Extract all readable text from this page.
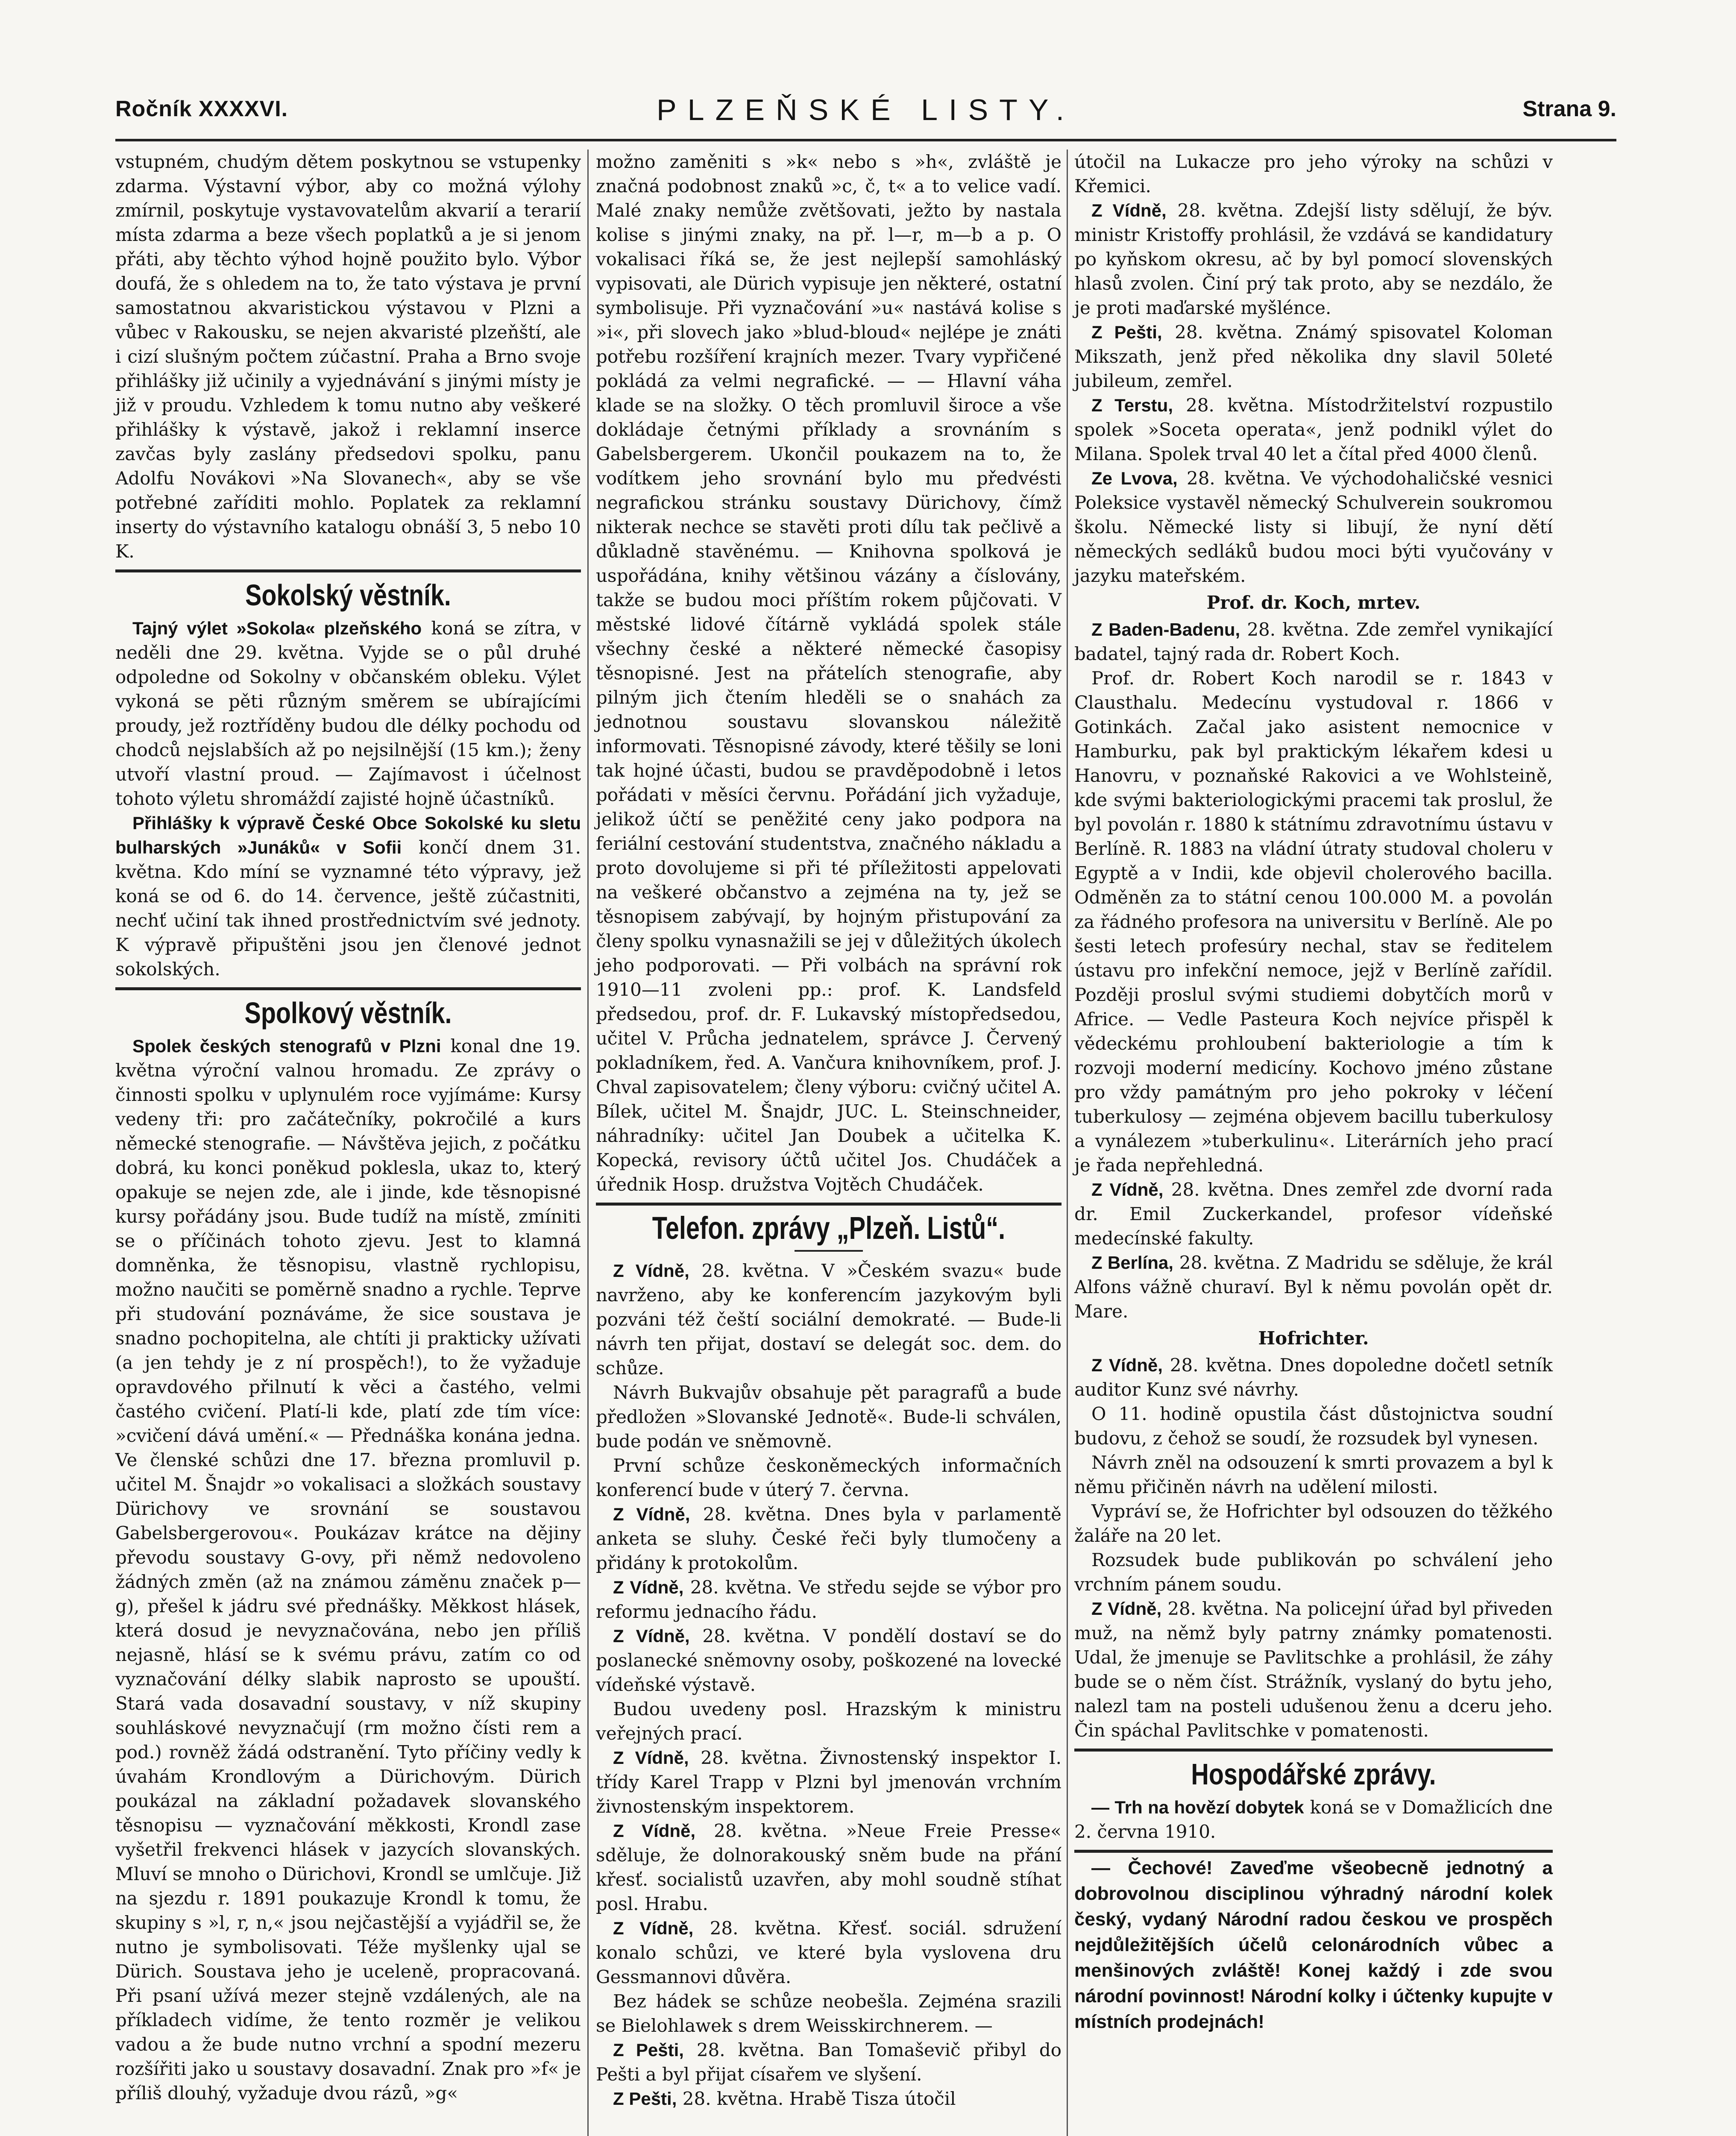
Ročník XXXXVI.	PLZEŇSKÉ LISTY.	Strana 9.

vstupném, chudým dětem poskytnou se vstupenky zdarma. Výstavní výbor, aby co možná výlohy zmírnil, poskytuje vystavovatelům akvarií a terarií místa zdarma a beze všech poplatků a je si jenom přáti, aby těchto výhod hojně použito bylo. Výbor doufá, že s ohledem na to, že tato výstava je první samostatnou akvaristickou výstavou v Plzni a vůbec v Rakousku, se nejen akvaristé plzeňští, ale i cizí slušným počtem zúčastní. Praha a Brno svoje přihlášky již učinily a vyjednávání s jinými místy je již v proudu. Vzhledem k tomu nutno aby veškeré přihlášky k výstavě, jakož i reklamní inserce zavčas byly zaslány předsedovi spolku, panu Adolfu Novákovi »Na Slovanech«, aby se vše potřebné zaříditi mohlo. Poplatek za reklamní inserty do výstavního katalogu obnáší 3, 5 nebo 10 K.

Sokolský věstník.

Tajný výlet »Sokola« plzeňského koná se zítra, v neděli dne 29. května. Vyjde se o půl druhé odpoledne od Sokolny v občanském obleku. Výlet vykoná se pěti různým směrem se ubírajícími proudy, jež roztříděny budou dle délky pochodu od chodců nejslabších až po nejsilnější (15 km.); ženy utvoří vlastní proud. — Zajímavost i účelnost tohoto výletu shromáždí zajisté hojně účastníků.

Přihlášky k výpravě České Obce Sokolské ku sletu bulharských »Junáků« v Sofii končí dnem 31. května. Kdo míní se vyznamné této výpravy, jež koná se od 6. do 14. července, ještě zúčastniti, nechť učiní tak ihned prostřednictvím své jednoty. K výpravě připuštěni jsou jen členové jednot sokolských.

Spolkový věstník.

Spolek českých stenografů v Plzni konal dne 19. května výroční valnou hromadu. Ze zprávy o činnosti spolku v uplynulém roce vyjímáme: Kursy vedeny tři: pro začátečníky, pokročilé a kurs německé stenografie. — Návštěva jejich, z počátku dobrá, ku konci poněkud poklesla, ukaz to, který opakuje se nejen zde, ale i jinde, kde těsnopisné kursy pořádány jsou. Bude tudíž na místě, zmíniti se o příčinách tohoto zjevu. Jest to klamná domněnka, že těsnopisu, vlastně rychlopisu, možno naučiti se poměrně snadno a rychle. Teprve při studování poznáváme, že sice soustava je snadno pochopitelna, ale chtíti ji prakticky užívati (a jen tehdy je z ní prospěch!), to že vyžaduje opravdového přilnutí k věci a častého, velmi častého cvičení. Platí-li kde, platí zde tím více: »cvičení dává umění.« — Přednáška konána jedna. Ve členské schůzi dne 17. března promluvil p. učitel M. Šnajdr »o vokalisaci a složkách soustavy Dürichovy ve srovnání se soustavou Gabelsbergerovou«. Poukázav krátce na dějiny převodu soustavy G-ovy, při němž nedovoleno žádných změn (až na známou záměnu značek p—g), přešel k jádru své přednášky. Měkkost hlásek, která dosud je nevyznačována, nebo jen příliš nejasně, hlásí se k svému právu, zatím co od vyznačování délky slabik naprosto se upouští. Stará vada dosavadní soustavy, v níž skupiny souhláskové nevyznačují (rm možno čísti rem a pod.) rovněž žádá odstranění. Tyto příčiny vedly k úvahám Krondlovým a Dürichovým. Dürich poukázal na základní požadavek slovanského těsnopisu — vyznačování měkkosti, Krondl zase vyšetřil frekvenci hlásek v jazycích slovanských. Mluví se mnoho o Dürichovi, Krondl se umlčuje. Již na sjezdu r. 1891 poukazuje Krondl k tomu, že skupiny s »l, r, n,« jsou nejčastější a vyjádřil se, že nutno je symbolisovati. Téže myšlenky ujal se Dürich. Soustava jeho je uceleně, propracovaná. Při psaní užívá mezer stejně vzdálených, ale na příkladech vidíme, že tento rozměr je velikou vadou a že bude nutno vrchní a spodní mezeru rozšířiti jako u soustavy dosavadní. Znak pro »f« je příliš dlouhý, vyžaduje dvou rázů, »g«

možno zaměniti s »k« nebo s »h«, zvláště je značná podobnost znaků »c, č, t« a to velice vadí. Malé znaky nemůže zvětšovati, ježto by nastala kolise s jinými znaky, na př. l—r, m—b a p. O vokalisaci říká se, že jest nejlepší samohláský vypisovati, ale Dürich vypisuje jen některé, ostatní symbolisuje. Při vyznačování »u« nastává kolise s »i«, při slovech jako »blud-bloud« nejlépe je znáti potřebu rozšíření krajních mezer. Tvary vypřičené pokládá za velmi negrafické. — — Hlavní váha klade se na složky. O těch promluvil široce a vše dokládaje četnými příklady a srovnáním s Gabelsbergerem. Ukončil poukazem na to, že vodítkem jeho srovnání bylo mu předvésti negrafickou stránku soustavy Dürichovy, čímž nikterak nechce se stavěti proti dílu tak pečlivě a důkladně stavěnému. — Knihovna spolková je uspořádána, knihy většinou vázány a číslovány, takže se budou moci příštím rokem půjčovati. V městské lidové čítárně vykládá spolek stále všechny české a některé německé časopisy těsnopisné. Jest na přátelích stenografie, aby pilným jich čtením hleděli se o snahách za jednotnou soustavu slovanskou náležitě informovati. Těsnopisné závody, které těšily se loni tak hojné účasti, budou se pravděpodobně i letos pořádati v měsíci červnu. Pořádání jich vyžaduje, jelikož účtí se peněžité ceny jako podpora na feriální cestování studentstva, značného nákladu a proto dovolujeme si při té příležitosti appelovati na veškeré občanstvo a zejména na ty, jež se těsnopisem zabývají, by hojným přistupování za členy spolku vynasnažili se jej v důležitých úkolech jeho podporovati. — Při volbách na správní rok 1910—11 zvoleni pp.: prof. K. Landsfeld předsedou, prof. dr. F. Lukavský místopředsedou, učitel V. Průcha jednatelem, správce J. Červený pokladníkem, řed. A. Vančura knihovníkem, prof. J. Chval zapisovatelem; členy výboru: cvičný učitel A. Bílek, učitel M. Šnajdr, JUC. L. Steinschneider, náhradníky: učitel Jan Doubek a učitelka K. Kopecká, revisory účtů učitel Jos. Chudáček a úřednik Hosp. družstva Vojtěch Chudáček.

Telefon. zprávy „Plzeň. Listů“.

Z Vídně, 28. května. V »Českém svazu« bude navrženo, aby ke konferencím jazykovým byli pozváni též čeští sociální demokraté. — Bude-li návrh ten přijat, dostaví se delegát soc. dem. do schůze.

Návrh Bukvajův obsahuje pět paragrafů a bude předložen »Slovanské Jednotě«. Bude-li schválen, bude podán ve sněmovně.

První schůze českoněmeckých informačních konferencí bude v úterý 7. června.

Z Vídně, 28. května. Dnes byla v parlamentě anketa se sluhy. České řeči byly tlumočeny a přidány k protokolům.

Z Vídně, 28. května. Ve středu sejde se výbor pro reformu jednacího řádu.

Z Vídně, 28. května. V pondělí dostaví se do poslanecké sněmovny osoby, poškozené na lovecké vídeňské výstavě.

Budou uvedeny posl. Hrazským k ministru veřejných prací.

Z Vídně, 28. května. Živnostenský inspektor I. třídy Karel Trapp v Plzni byl jmenován vrchním živnostenským inspektorem.

Z Vídně, 28. května. »Neue Freie Presse« sděluje, že dolnorakouský sněm bude na přání křesť. socialistů uzavřen, aby mohl soudně stíhat posl. Hrabu.

Z Vídně, 28. května. Křesť. sociál. sdružení konalo schůzi, ve které byla vyslovena dru Gessmannovi důvěra.

Bez hádek se schůze neobešla. Zejména srazili se Bielohlawek s drem Weisskirchnerem. —

Z Pešti, 28. května. Ban Tomaševič přibyl do Pešti a byl přijat císařem ve slyšení.

Z Pešti, 28. května. Hrabě Tisza útočil

útočil na Lukacze pro jeho výroky na schůzi v Křemici.

Z Vídně, 28. května. Zdejší listy sdělují, že býv. ministr Kristoffy prohlásil, že vzdává se kandidatury po kyňskom okresu, ač by byl pomocí slovenských hlasů zvolen. Činí prý tak proto, aby se nezdálo, že je proti maďarské myšlénce.

Z Pešti, 28. května. Známý spisovatel Koloman Mikszath, jenž před několika dny slavil 50leté jubileum, zemřel.

Z Terstu, 28. května. Místodržitelství rozpustilo spolek »Soceta operata«, jenž podnikl výlet do Milana. Spolek trval 40 let a čítal před 4000 členů.

Ze Lvova, 28. května. Ve východohaličské vesnici Poleksice vystavěl německý Schulverein soukromou školu. Německé listy si libují, že nyní dětí německých sedláků budou moci býti vyučovány v jazyku mateřském.

Prof. dr. Koch, mrtev.

Z Baden-Badenu, 28. května. Zde zemřel vynikající badatel, tajný rada dr. Robert Koch.

Prof. dr. Robert Koch narodil se r. 1843 v Clausthalu. Medecínu vystudoval r. 1866 v Gotinkách. Začal jako asistent nemocnice v Hamburku, pak byl praktickým lékařem kdesi u Hanovru, v poznaňské Rakovici a ve Wohlsteině, kde svými bakteriologickými pracemi tak proslul, že byl povolán r. 1880 k státnímu zdravotnímu ústavu v Berlíně. R. 1883 na vládní útraty studoval choleru v Egyptě a v Indii, kde objevil cholerového bacilla. Odměněn za to státní cenou 100.000 M. a povolán za řádného profesora na universitu v Berlíně. Ale po šesti letech profesúry nechal, stav se ředitelem ústavu pro infekční nemoce, jejž v Berlíně zařídil. Později proslul svými studiemi dobytčích morů v Africe. — Vedle Pasteura Koch nejvíce přispěl k vědeckému prohloubení bakteriologie a tím k rozvoji moderní medicíny. Kochovo jméno zůstane pro vždy památným pro jeho pokroky v léčení tuberkulosy — zejména objevem bacillu tuberkulosy a vynálezem »tuberkulinu«. Literárních jeho prací je řada nepřehledná.

Z Vídně, 28. května. Dnes zemřel zde dvorní rada dr. Emil Zuckerkandel, profesor vídeňské medecínské fakulty.

Z Berlína, 28. května. Z Madridu se sděluje, že král Alfons vážně churaví. Byl k němu povolán opět dr. Mare.

Hofrichter.

Z Vídně, 28. května. Dnes dopoledne dočetl setník auditor Kunz své návrhy.

O 11. hodině opustila část důstojnictva soudní budovu, z čehož se soudí, že rozsudek byl vynesen.

Návrh zněl na odsouzení k smrti provazem a byl k němu přičiněn návrh na udělení milosti.

Vypráví se, že Hofrichter byl odsouzen do těžkého žaláře na 20 let.

Rozsudek bude publikován po schválení jeho vrchním pánem soudu.

Z Vídně, 28. května. Na policejní úřad byl přiveden muž, na němž byly patrny známky pomatenosti. Udal, že jmenuje se Pavlitschke a prohlásil, že záhy bude se o něm číst. Strážník, vyslaný do bytu jeho, nalezl tam na posteli udušenou ženu a dceru jeho. Čin spáchal Pavlitschke v pomatenosti.

Hospodářské zprávy.

— Trh na hovězí dobytek koná se v Domažlicích dne 2. června 1910.

— Čechové! Zaveďme všeobecně jednotný a dobrovolnou disciplinou výhradný národní kolek český, vydaný Národní radou českou ve prospěch nejdůležitějších účelů celonárodních vůbec a menšinových zvláště! Konej každý i zde svou národní povinnost! Národní kolky i účtenky kupujte v místních prodejnách!
